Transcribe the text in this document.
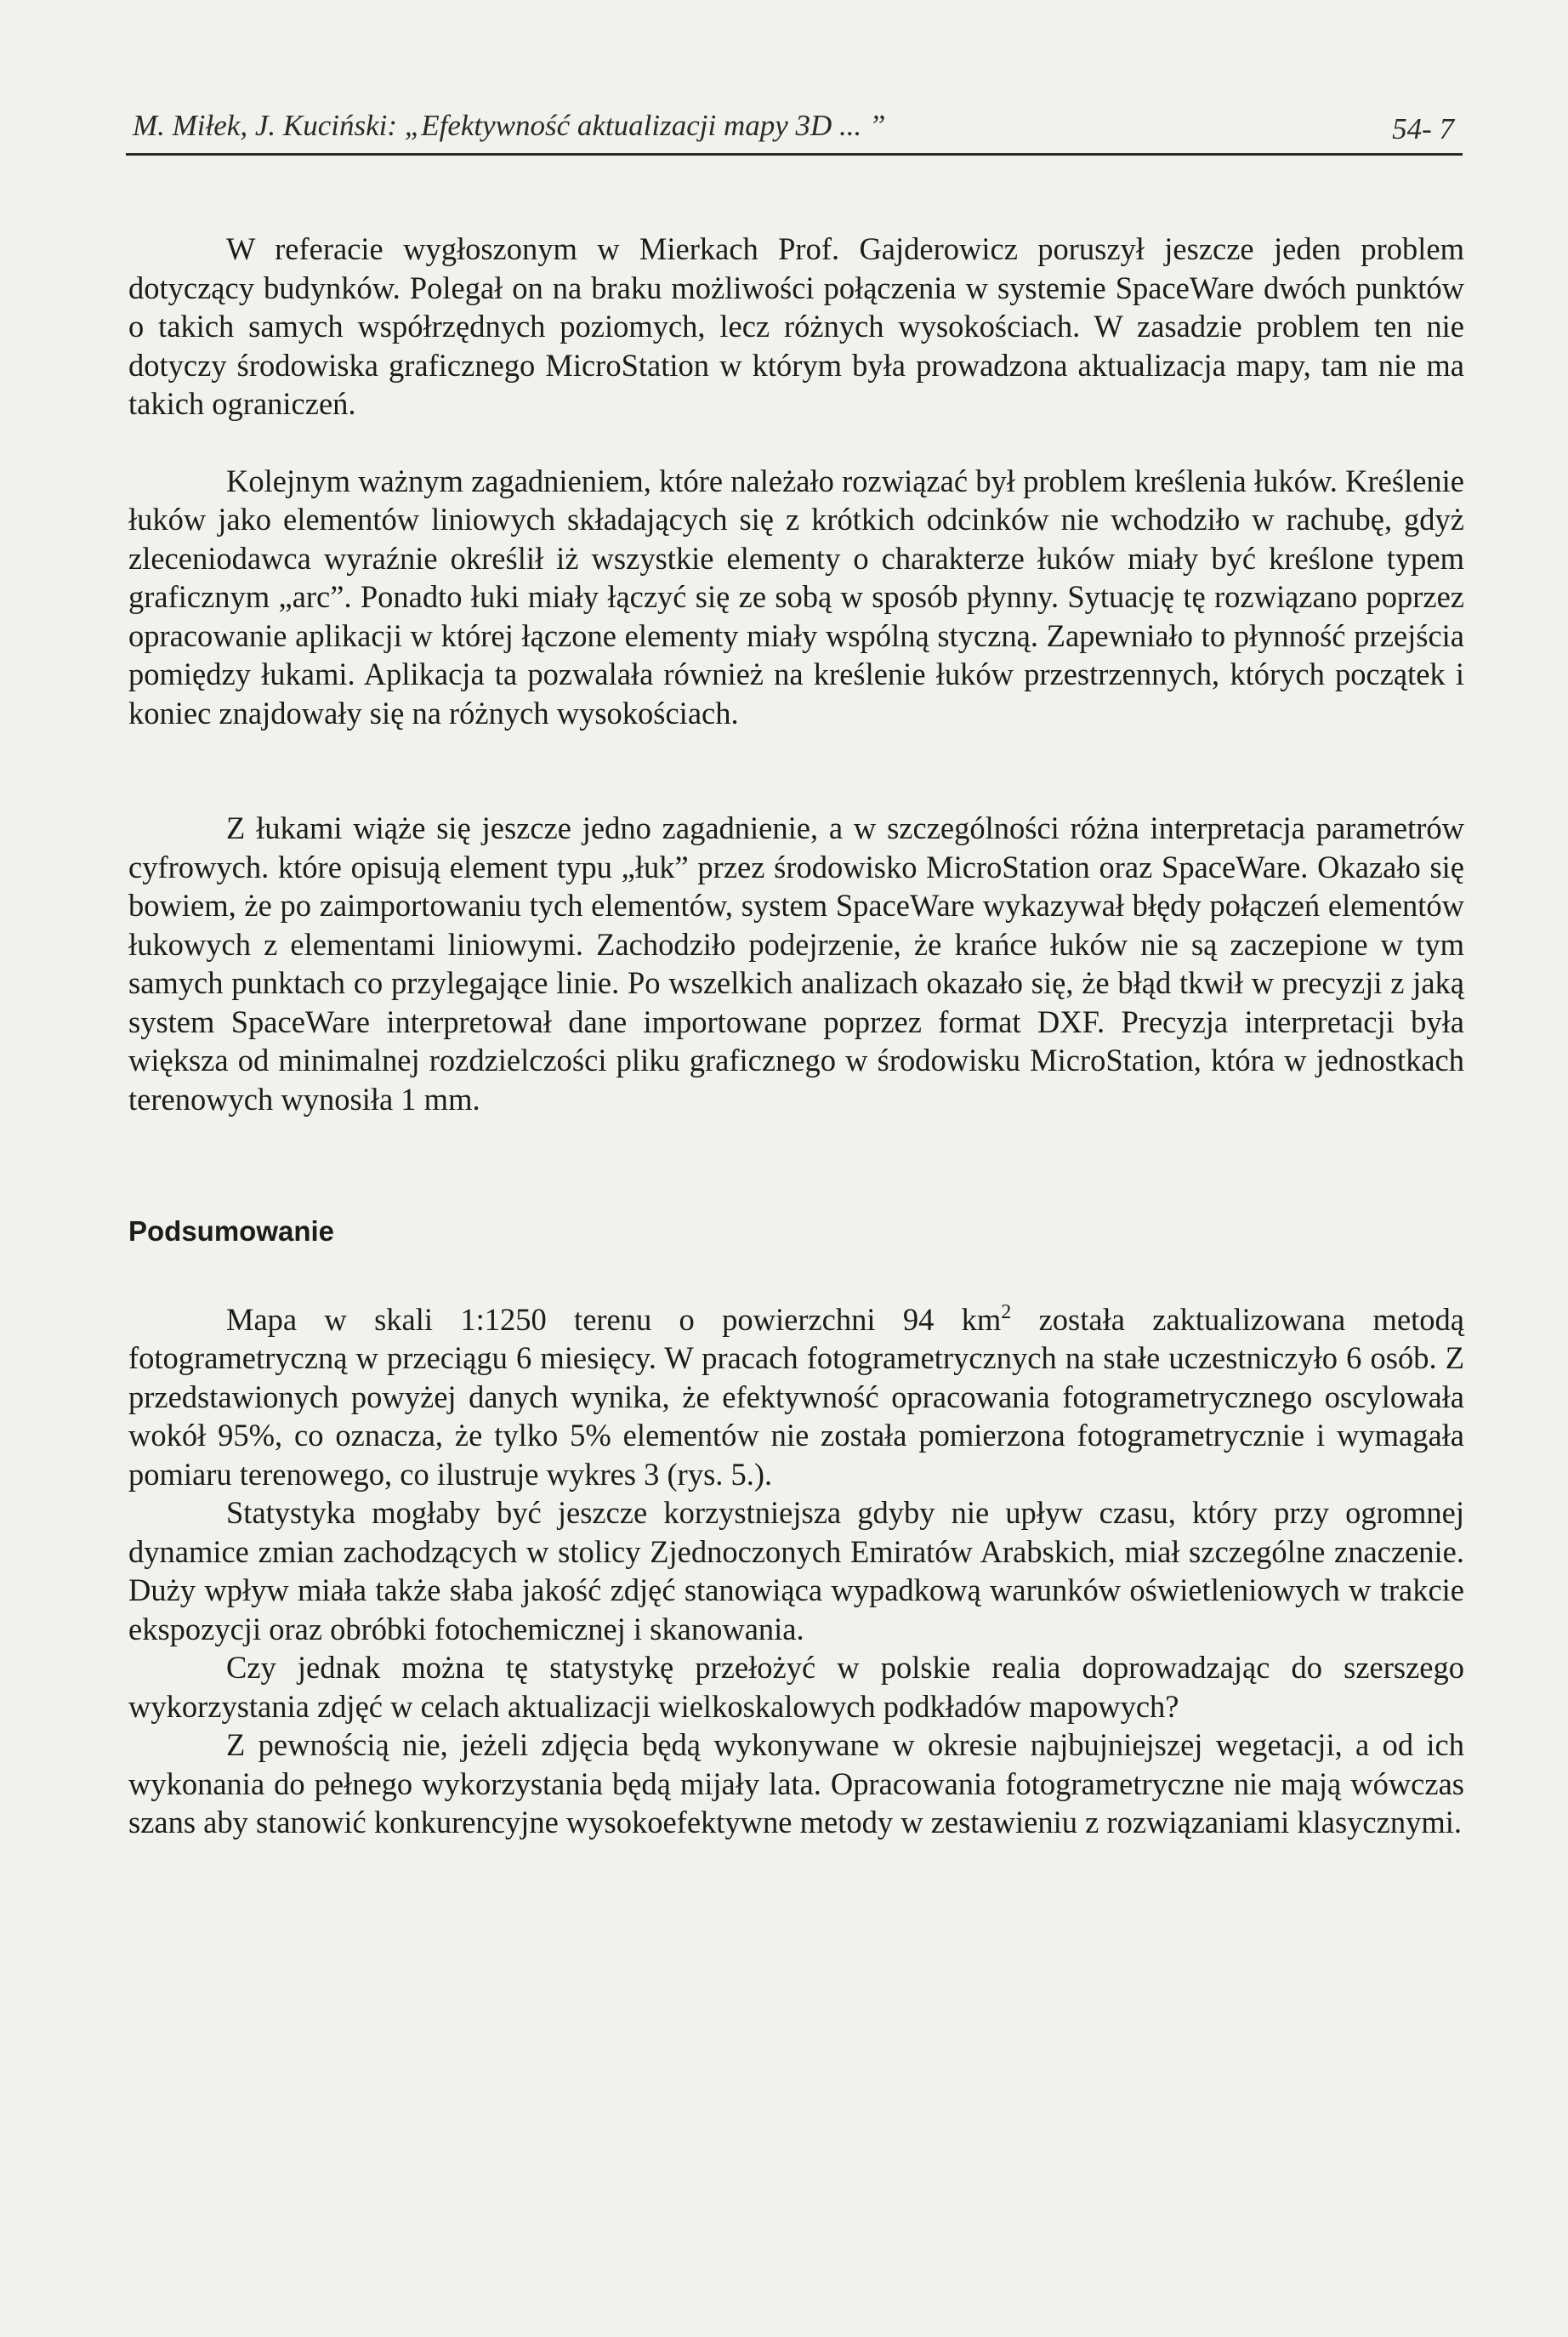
M. Miłek, J. Kuciński: „Efektywność aktualizacji mapy 3D ... ”	54- 7

W referacie wygłoszonym w Mierkach Prof. Gajderowicz poruszył jeszcze jeden problem dotyczący budynków. Polegał on na braku możliwości połączenia w systemie SpaceWare dwóch punktów o takich samych współrzędnych poziomych, lecz różnych wysokościach. W zasadzie problem ten nie dotyczy środowiska graficznego MicroStation w którym była prowadzona aktualizacja mapy, tam nie ma takich ograniczeń.

Kolejnym ważnym zagadnieniem, które należało rozwiązać był problem kreślenia łuków. Kreślenie łuków jako elementów liniowych składających się z krótkich odcinków nie wchodziło w rachubę, gdyż zleceniodawca wyraźnie określił iż wszystkie elementy o charakterze łuków miały być kreślone typem graficznym „arc”. Ponadto łuki miały łączyć się ze sobą w sposób płynny. Sytuację tę rozwiązano poprzez opracowanie aplikacji w której łączone elementy miały wspólną styczną. Zapewniało to płynność przejścia pomiędzy łukami. Aplikacja ta pozwalała również na kreślenie łuków przestrzennych, których początek i koniec znajdowały się na różnych wysokościach.

Z łukami wiąże się jeszcze jedno zagadnienie, a w szczególności różna interpretacja parametrów cyfrowych. które opisują element typu „łuk” przez środowisko MicroStation oraz SpaceWare. Okazało się bowiem, że po zaimportowaniu tych elementów, system SpaceWare wykazywał błędy połączeń elementów łukowych z elementami liniowymi. Zachodziło podejrzenie, że krańce łuków nie są zaczepione w tym samych punktach co przylegające linie. Po wszelkich analizach okazało się, że błąd tkwił w precyzji z jaką system SpaceWare interpretował dane importowane poprzez format DXF. Precyzja interpretacji była większa od minimalnej rozdzielczości pliku graficznego w środowisku MicroStation, która w jednostkach terenowych wynosiła 1 mm.

Podsumowanie

Mapa w skali 1:1250 terenu o powierzchni 94 $km^2$ została zaktualizowana metodą fotogrametryczną w przeciągu 6 miesięcy. W pracach fotogrametrycznych na stałe uczestniczyło 6 osób. Z przedstawionych powyżej danych wynika, że efektywność opracowania fotogrametrycznego oscylowała wokół 95%, co oznacza, że tylko 5% elementów nie została pomierzona fotogrametrycznie i wymagała pomiaru terenowego, co ilustruje wykres 3 (rys. 5.).

Statystyka mogłaby być jeszcze korzystniejsza gdyby nie upływ czasu, który przy ogromnej dynamice zmian zachodzących w stolicy Zjednoczonych Emiratów Arabskich, miał szczególne znaczenie. Duży wpływ miała także słaba jakość zdjęć stanowiąca wypadkową warunków oświetleniowych w trakcie ekspozycji oraz obróbki fotochemicznej i skanowania.

Czy jednak można tę statystykę przełożyć w polskie realia doprowadzając do szerszego wykorzystania zdjęć w celach aktualizacji wielkoskalowych podkładów mapowych?

Z pewnością nie, jeżeli zdjęcia będą wykonywane w okresie najbujniejszej wegetacji, a od ich wykonania do pełnego wykorzystania będą mijały lata. Opracowania fotogrametryczne nie mają wówczas szans aby stanowić konkurencyjne wysokoefektywne metody w zestawieniu z rozwiązaniami klasycznymi.
